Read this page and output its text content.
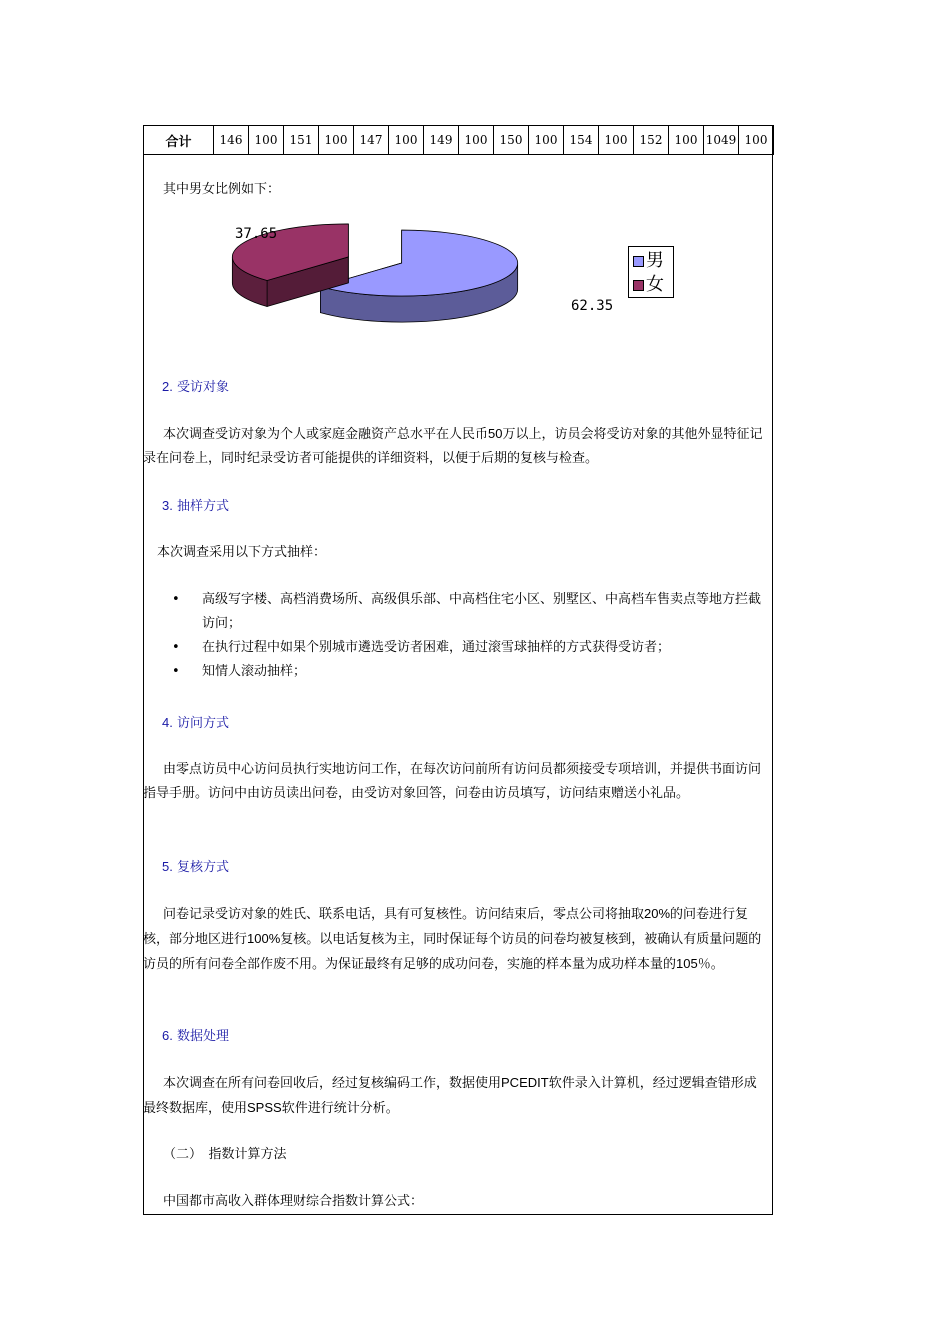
合计	146	100	151	100	147	100	149	100	150	100	154	100	152	100	1049	100
其中男女比例如下：
37.65
62.35
男
女
2. 受访对象
本次调查受访对象为个人或家庭金融资产总水平在人民币50万以上，访员会将受访对象的其他外显特征记录在问卷上，同时纪录受访者可能提供的详细资料，以便于后期的复核与检查。
3. 抽样方式
本次调查采用以下方式抽样：
• 高级写字楼、高档消费场所、高级俱乐部、中高档住宅小区、别墅区、中高档车售卖点等地方拦截访问；
• 在执行过程中如果个别城市遴选受访者困难，通过滚雪球抽样的方式获得受访者；
• 知情人滚动抽样；
4. 访问方式
由零点访员中心访问员执行实地访问工作，在每次访问前所有访问员都须接受专项培训，并提供书面访问指导手册。访问中由访员读出问卷，由受访对象回答，问卷由访员填写，访问结束赠送小礼品。
5. 复核方式
问卷记录受访对象的姓氏、联系电话，具有可复核性。访问结束后，零点公司将抽取20%的问卷进行复核，部分地区进行100%复核。以电话复核为主，同时保证每个访员的问卷均被复核到，被确认有质量问题的访员的所有问卷全部作废不用。为保证最终有足够的成功问卷，实施的样本量为成功样本量的105％。
6. 数据处理
本次调查在所有问卷回收后，经过复核编码工作，数据使用PCEDIT软件录入计算机，经过逻辑查错形成最终数据库，使用SPSS软件进行统计分析。
（二）　指数计算方法
中国都市高收入群体理财综合指数计算公式：
